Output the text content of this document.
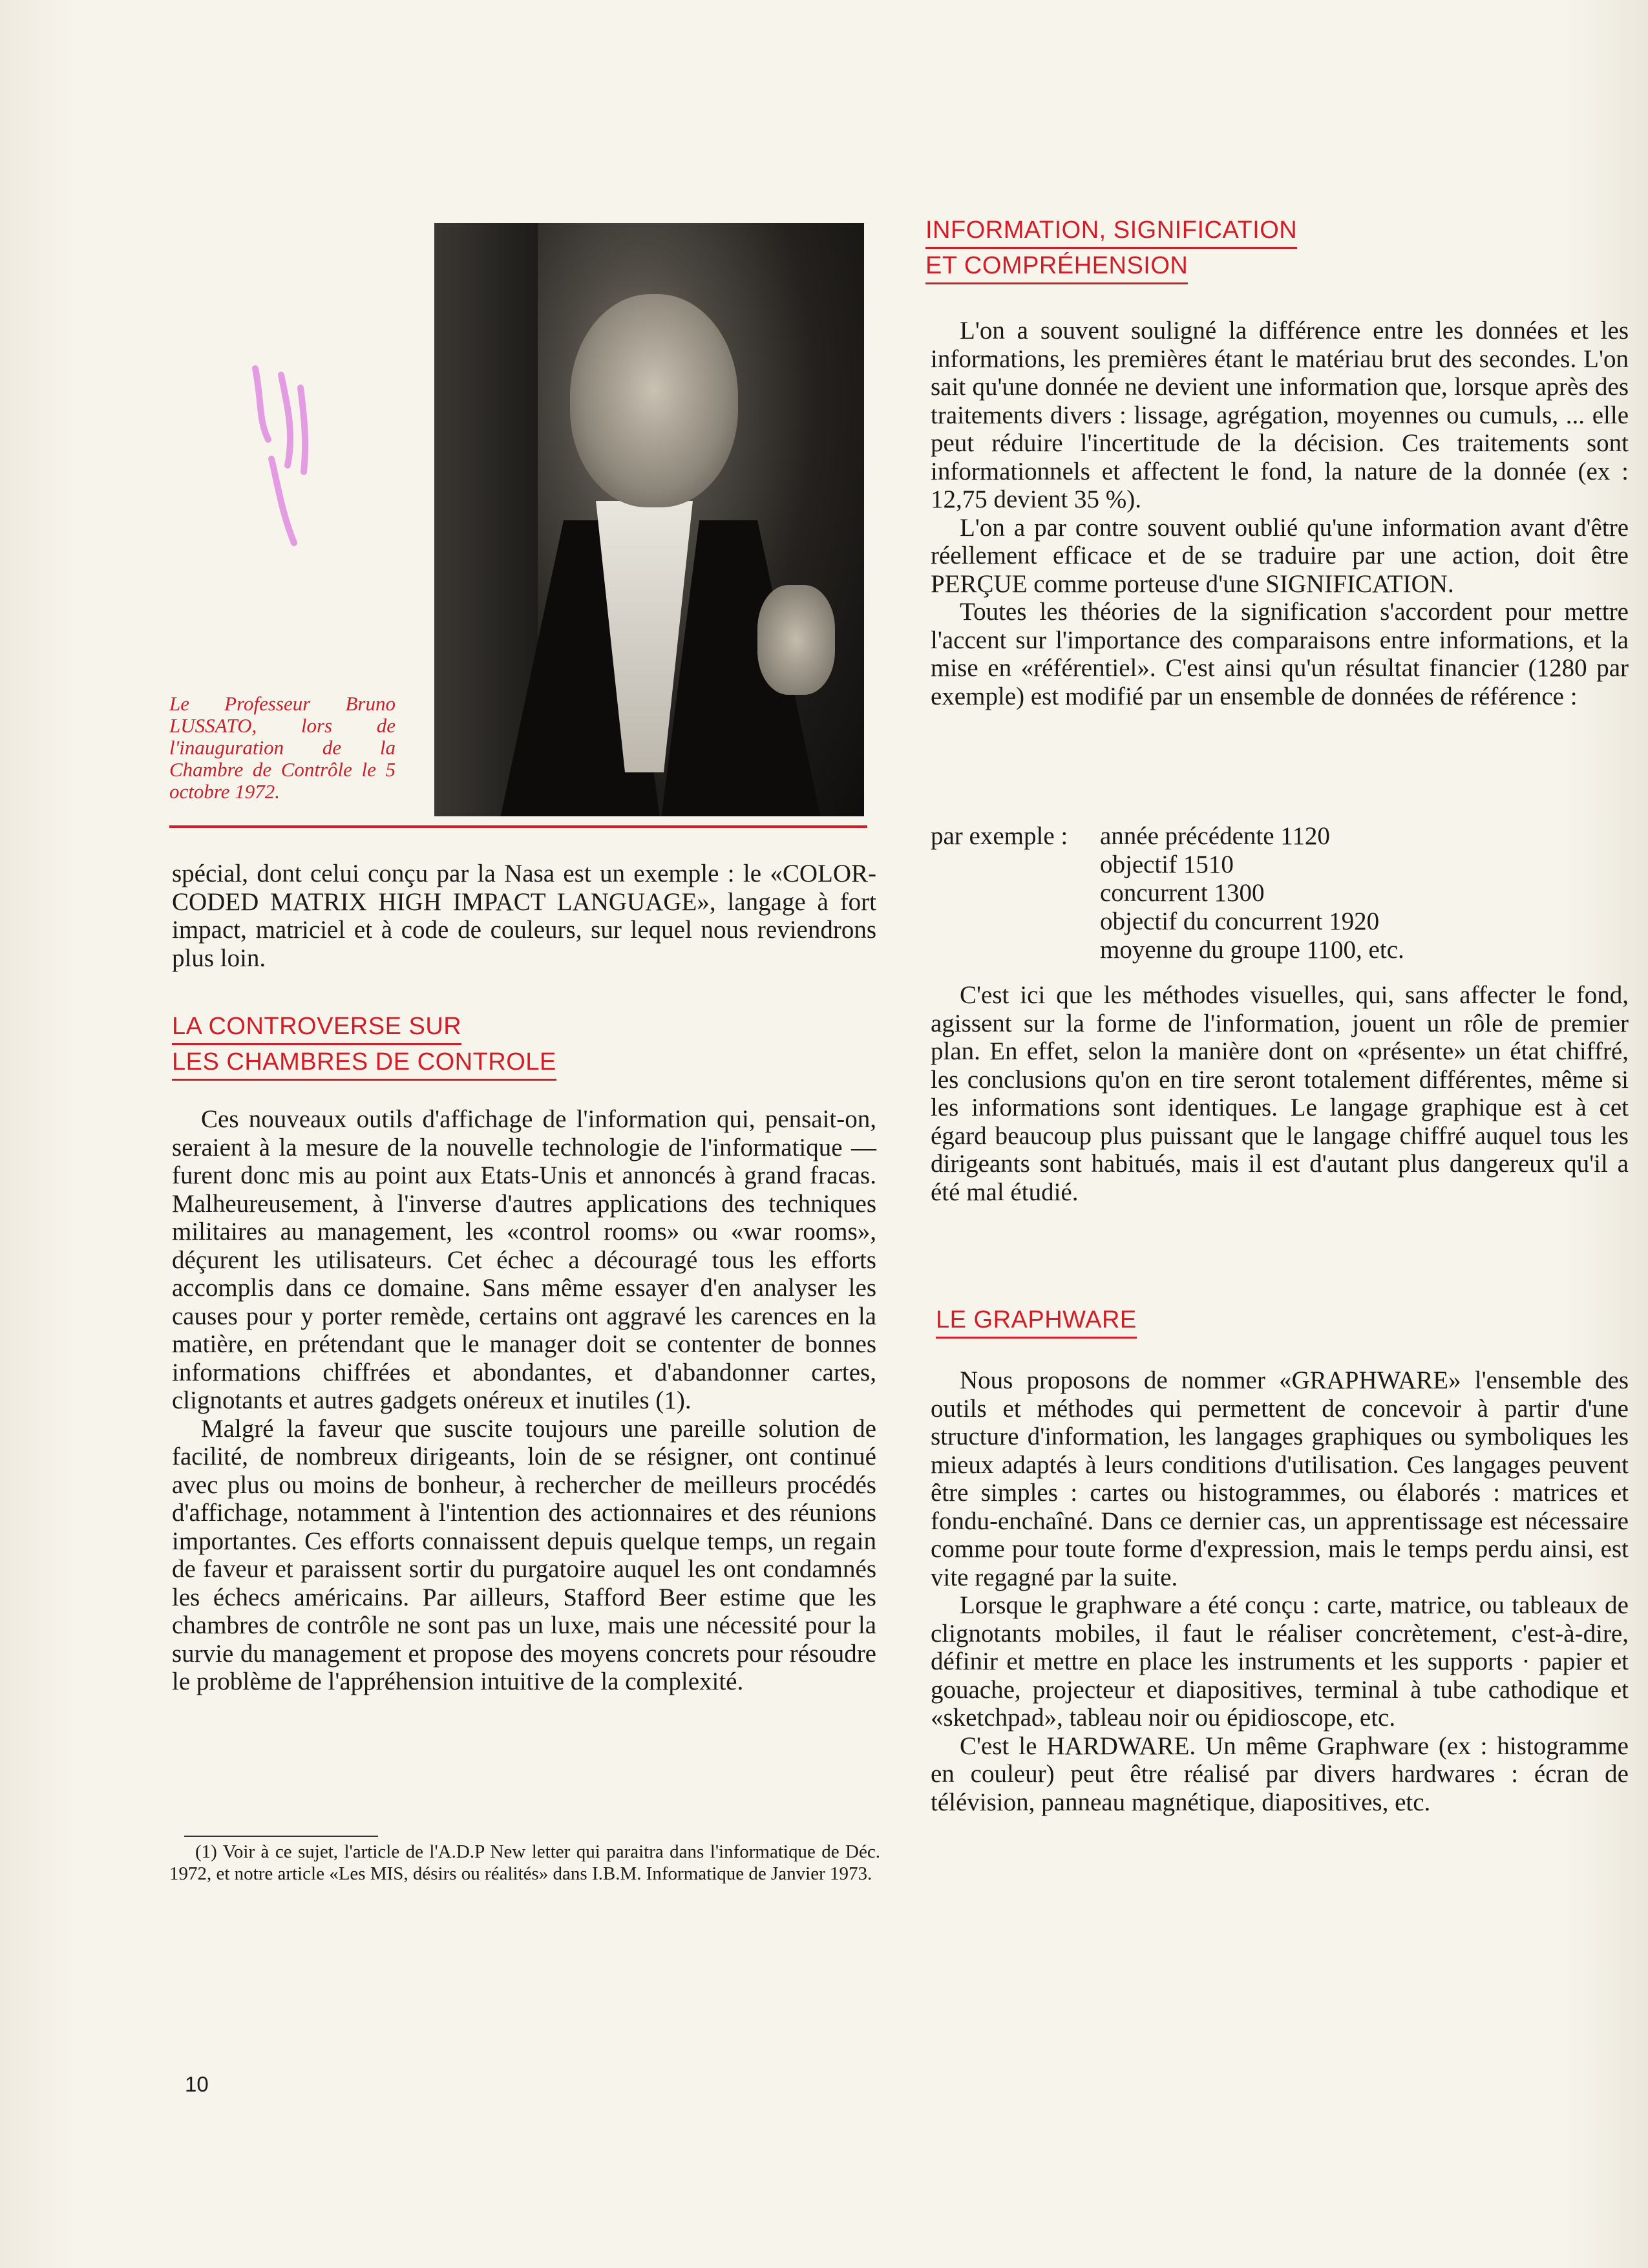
Le Professeur Bruno LUSSATO, lors de l'inauguration de la Chambre de Contrôle le 5 octobre 1972.

spécial, dont celui conçu par la Nasa est un exemple : le «COLOR-CODED MATRIX HIGH IMPACT LANGUAGE», langage à fort impact, matriciel et à code de couleurs, sur lequel nous reviendrons plus loin.

LA CONTROVERSE SUR
LES CHAMBRES DE CONTROLE

Ces nouveaux outils d'affichage de l'information qui, pensait-on, seraient à la mesure de la nouvelle technologie de l'informatique — furent donc mis au point aux Etats-Unis et annoncés à grand fracas. Malheureusement, à l'inverse d'autres applications des techniques militaires au management, les «control rooms» ou «war rooms», déçurent les utilisateurs. Cet échec a découragé tous les efforts accomplis dans ce domaine. Sans même essayer d'en analyser les causes pour y porter remède, certains ont aggravé les carences en la matière, en prétendant que le manager doit se contenter de bonnes informations chiffrées et abondantes, et d'abandonner cartes, clignotants et autres gadgets onéreux et inutiles (1).

Malgré la faveur que suscite toujours une pareille solution de facilité, de nombreux dirigeants, loin de se résigner, ont continué avec plus ou moins de bonheur, à rechercher de meilleurs procédés d'affichage, notamment à l'intention des actionnaires et des réunions importantes. Ces efforts connaissent depuis quelque temps, un regain de faveur et paraissent sortir du purgatoire auquel les ont condamnés les échecs américains. Par ailleurs, Stafford Beer estime que les chambres de contrôle ne sont pas un luxe, mais une nécessité pour la survie du management et propose des moyens concrets pour résoudre le problème de l'appréhension intuitive de la complexité.

(1) Voir à ce sujet, l'article de l'A.D.P New letter qui paraitra dans l'informatique de Déc. 1972, et notre article «Les MIS, désirs ou réalités» dans I.B.M. Informatique de Janvier 1973.
INFORMATION, SIGNIFICATION
ET COMPRÉHENSION

L'on a souvent souligné la différence entre les données et les informations, les premières étant le matériau brut des secondes. L'on sait qu'une donnée ne devient une information que, lorsque après des traitements divers : lissage, agrégation, moyennes ou cumuls, ... elle peut réduire l'incertitude de la décision. Ces traitements sont informationnels et affectent le fond, la nature de la donnée (ex : 12,75 devient 35 %).

L'on a par contre souvent oublié qu'une information avant d'être réellement efficace et de se traduire par une action, doit être PERÇUE comme porteuse d'une SIGNIFICATION.

Toutes les théories de la signification s'accordent pour mettre l'accent sur l'importance des comparaisons entre informations, et la mise en «référentiel». C'est ainsi qu'un résultat financier (1280 par exemple) est modifié par un ensemble de données de référence :

par exemple :	année précédente 1120
objectif 1510
concurrent 1300
objectif du concurrent 1920
moyenne du groupe 1100, etc.

C'est ici que les méthodes visuelles, qui, sans affecter le fond, agissent sur la forme de l'information, jouent un rôle de premier plan. En effet, selon la manière dont on «présente» un état chiffré, les conclusions qu'on en tire seront totalement différentes, même si les informations sont identiques. Le langage graphique est à cet égard beaucoup plus puissant que le langage chiffré auquel tous les dirigeants sont habitués, mais il est d'autant plus dangereux qu'il a été mal étudié.

LE GRAPHWARE

Nous proposons de nommer «GRAPHWARE» l'ensemble des outils et méthodes qui permettent de concevoir à partir d'une structure d'information, les langages graphiques ou symboliques les mieux adaptés à leurs conditions d'utilisation. Ces langages peuvent être simples : cartes ou histogrammes, ou élaborés : matrices et fondu-enchaîné. Dans ce dernier cas, un apprentissage est nécessaire comme pour toute forme d'expression, mais le temps perdu ainsi, est vite regagné par la suite.

Lorsque le graphware a été conçu : carte, matrice, ou tableaux de clignotants mobiles, il faut le réaliser concrètement, c'est-à-dire, définir et mettre en place les instruments et les supports · papier et gouache, projecteur et diapositives, terminal à tube cathodique et «sketchpad», tableau noir ou épidioscope, etc.

C'est le HARDWARE. Un même Graphware (ex : histogramme en couleur) peut être réalisé par divers hardwares : écran de télévision, panneau magnétique, diapositives, etc.

10
